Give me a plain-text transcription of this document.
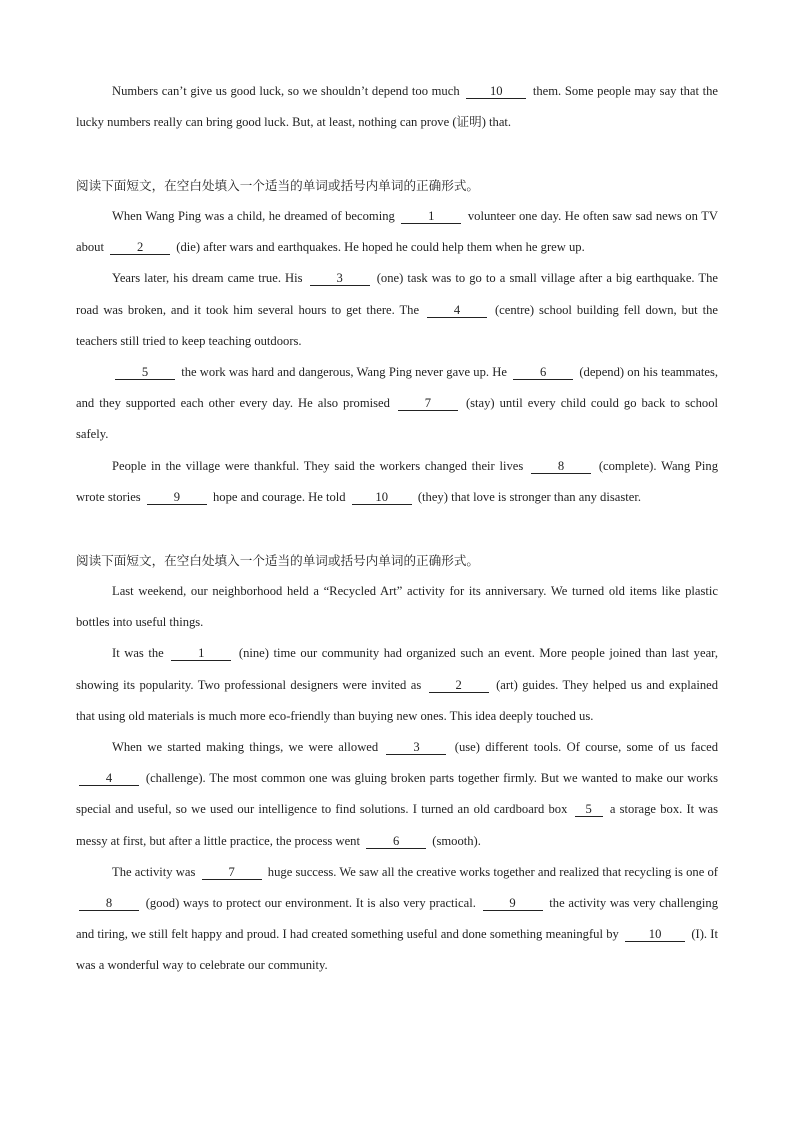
Numbers can’t give us good luck, so we shouldn’t depend too much 10 them. Some people may say that the lucky numbers really can bring good luck. But, at least, nothing can prove (证明) that.

阅读下面短文，在空白处填入一个适当的单词或括号内单词的正确形式。

When Wang Ping was a child, he dreamed of becoming 1 volunteer one day. He often saw sad news on TV about 2 (die) after wars and earthquakes. He hoped he could help them when he grew up.

Years later, his dream came true. His 3 (one) task was to go to a small village after a big earthquake. The road was broken, and it took him several hours to get there. The 4 (centre) school building fell down, but the teachers still tried to keep teaching outdoors.

5 the work was hard and dangerous, Wang Ping never gave up. He 6 (depend) on his teammates, and they supported each other every day. He also promised 7 (stay) until every child could go back to school safely.

People in the village were thankful. They said the workers changed their lives 8 (complete). Wang Ping wrote stories 9 hope and courage. He told 10 (they) that love is stronger than any disaster.

阅读下面短文，在空白处填入一个适当的单词或括号内单词的正确形式。

Last weekend, our neighborhood held a “Recycled Art” activity for its anniversary. We turned old items like plastic bottles into useful things.

It was the 1 (nine) time our community had organized such an event. More people joined than last year, showing its popularity. Two professional designers were invited as 2 (art) guides. They helped us and explained that using old materials is much more eco-friendly than buying new ones. This idea deeply touched us.

When we started making things, we were allowed 3 (use) different tools. Of course, some of us faced 4 (challenge). The most common one was gluing broken parts together firmly. But we wanted to make our works special and useful, so we used our intelligence to find solutions. I turned an old cardboard box 5 a storage box. It was messy at first, but after a little practice, the process went 6 (smooth).

The activity was 7 huge success. We saw all the creative works together and realized that recycling is one of 8 (good) ways to protect our environment. It is also very practical. 9 the activity was very challenging and tiring, we still felt happy and proud. I had created something useful and done something meaningful by 10 (I). It was a wonderful way to celebrate our community.
